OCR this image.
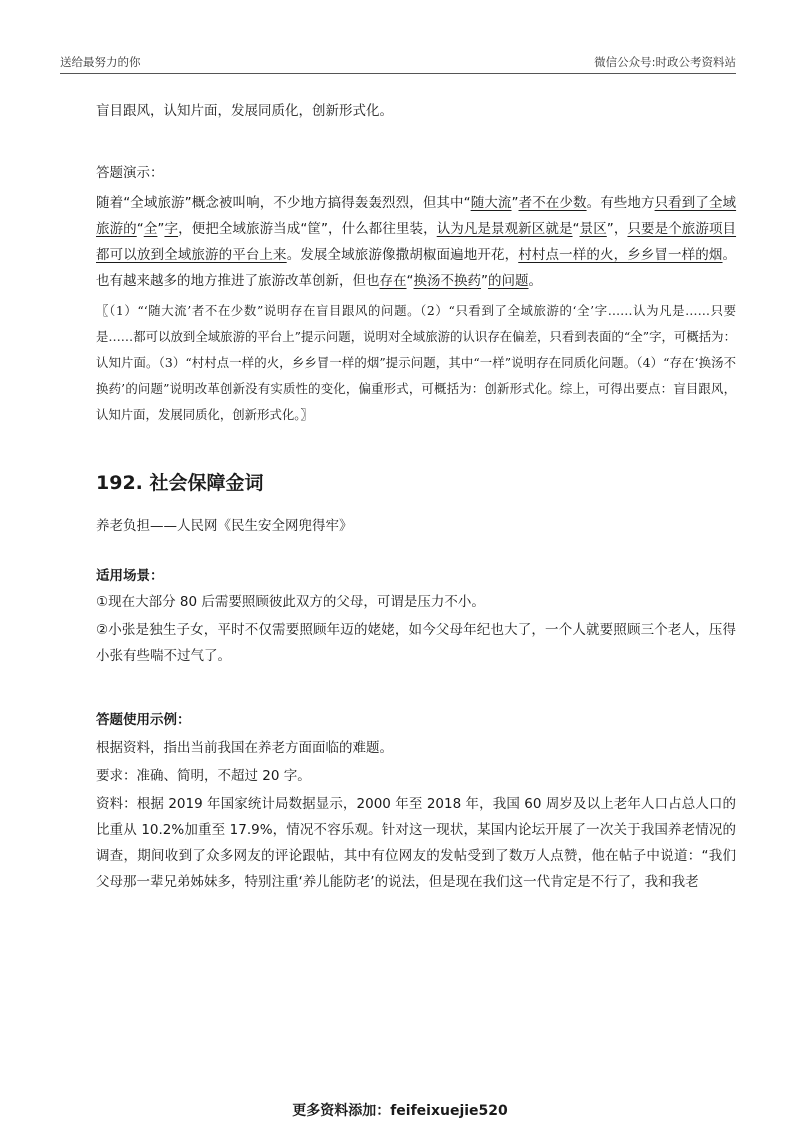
送给最努力的你	微信公众号:时政公考资料站

盲目跟风，认知片面，发展同质化，创新形式化。

答题演示：

随着“全域旅游”概念被叫响，不少地方搞得轰轰烈烈，但其中“随大流”者不在少数。有些地方只看到了全域旅游的“全”字，便把全域旅游当成“筐”，什么都往里装，认为凡是景观新区就是“景区”，只要是个旅游项目都可以放到全域旅游的平台上来。发展全域旅游像撒胡椒面遍地开花，村村点一样的火，乡乡冒一样的烟。也有越来越多的地方推进了旅游改革创新，但也存在“换汤不换药”的问题。

〖（1）“‘随大流’者不在少数”说明存在盲目跟风的问题。（2）“只看到了全域旅游的‘全’字……认为凡是……只要是……都可以放到全域旅游的平台上”提示问题，说明对全域旅游的认识存在偏差，只看到表面的“全”字，可概括为：认知片面。（3）“村村点一样的火，乡乡冒一样的烟”提示问题，其中“一样”说明存在同质化问题。（4）“存在‘换汤不换药’的问题”说明改革创新没有实质性的变化，偏重形式，可概括为：创新形式化。综上，可得出要点：盲目跟风，认知片面，发展同质化，创新形式化。〗

192. 社会保障金词

养老负担——人民网《民生安全网兜得牢》

适用场景：

①现在大部分 80 后需要照顾彼此双方的父母，可谓是压力不小。

②小张是独生子女，平时不仅需要照顾年迈的姥姥，如今父母年纪也大了，一个人就要照顾三个老人，压得小张有些喘不过气了。

答题使用示例：

根据资料，指出当前我国在养老方面面临的难题。

要求：准确、简明，不超过 20 字。

资料：根据 2019 年国家统计局数据显示，2000 年至 2018 年，我国 60 周岁及以上老年人口占总人口的比重从 10.2%加重至 17.9%，情况不容乐观。针对这一现状，某国内论坛开展了一次关于我国养老情况的调查，期间收到了众多网友的评论跟帖，其中有位网友的发帖受到了数万人点赞，他在帖子中说道：“我们父母那一辈兄弟姊妹多，特别注重‘养儿能防老’的说法，但是现在我们这一代肯定是不行了，我和我老

更多资料添加：feifeixuejie520
